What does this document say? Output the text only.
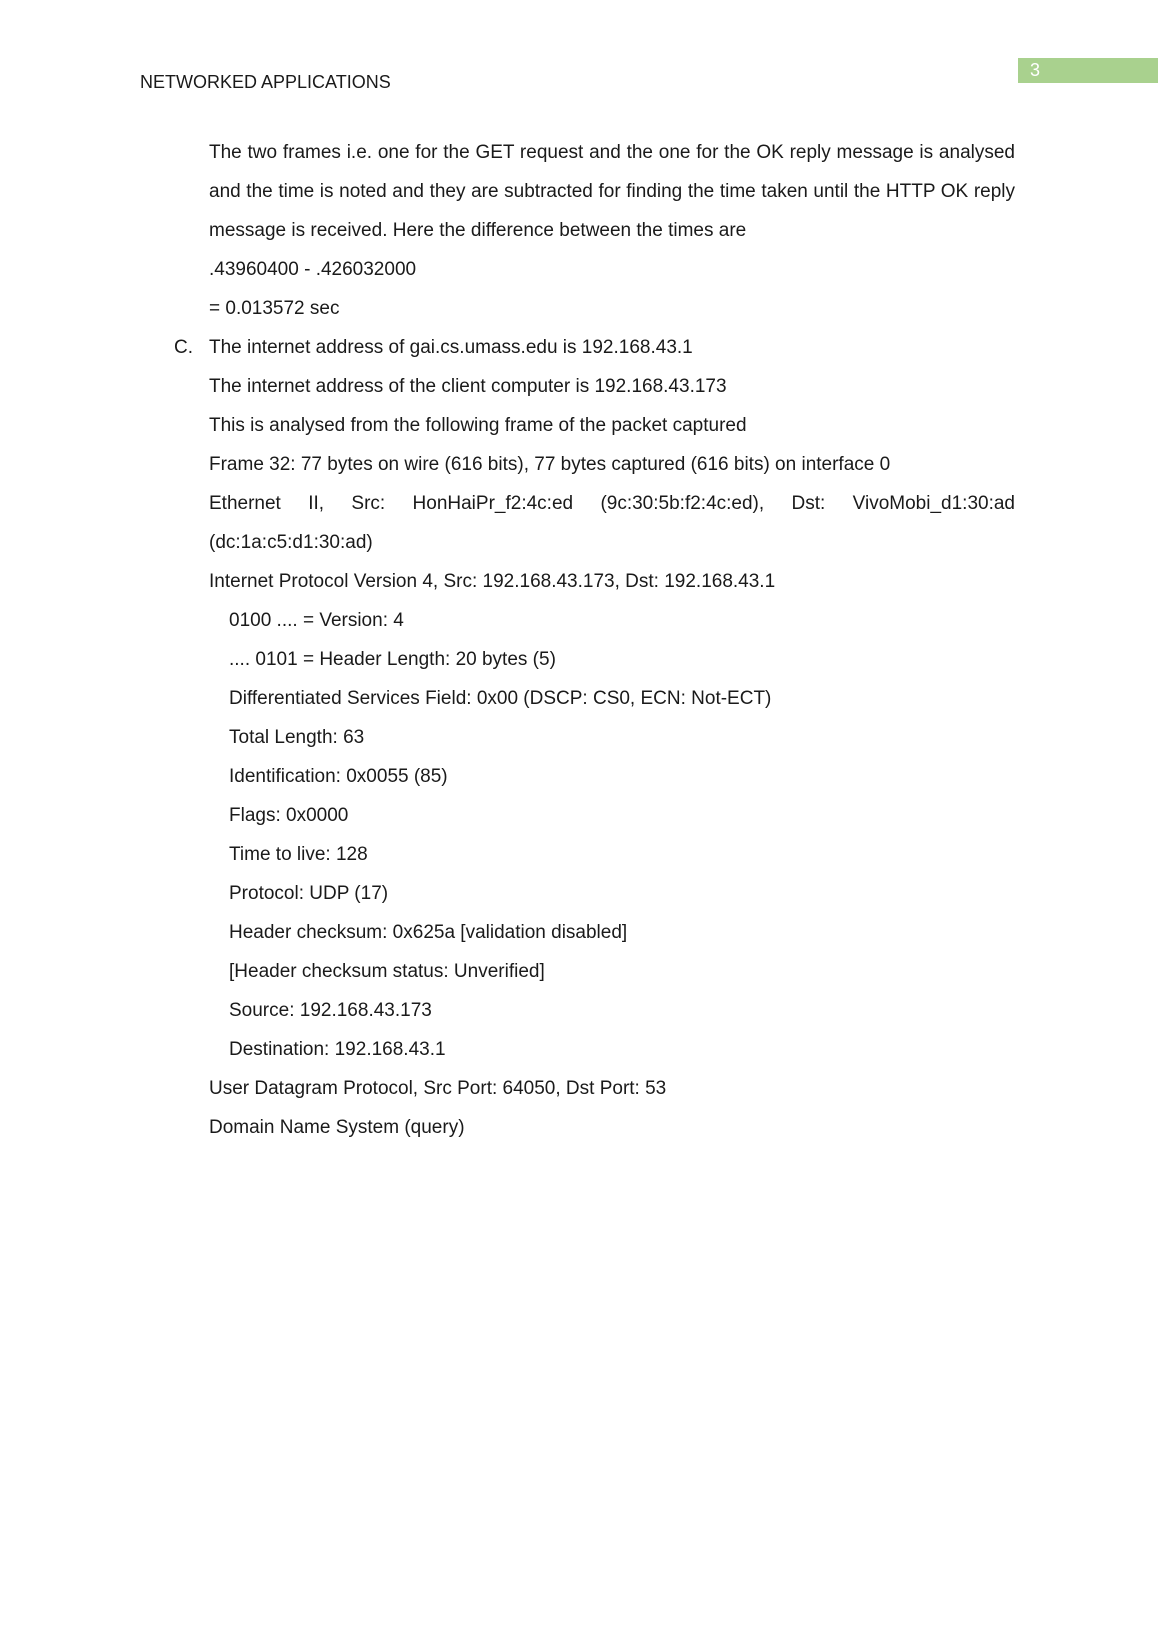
3
NETWORKED APPLICATIONS

The two frames i.e. one for the GET request and the one for the OK reply message is analysed and the time is noted and they are subtracted for finding the time taken until the HTTP OK reply message is received. Here the difference between the times are

.43960400 - .426032000

= 0.013572 sec

C. The internet address of gai.cs.umass.edu is 192.168.43.1

The internet address of the client computer is 192.168.43.173

This is analysed from the following frame of the packet captured

Frame 32: 77 bytes on wire (616 bits), 77 bytes captured (616 bits) on interface 0

Ethernet II, Src: HonHaiPr_f2:4c:ed (9c:30:5b:f2:4c:ed), Dst: VivoMobi_d1:30:ad (dc:1a:c5:d1:30:ad)

Internet Protocol Version 4, Src: 192.168.43.173, Dst: 192.168.43.1

0100 .... = Version: 4

.... 0101 = Header Length: 20 bytes (5)

Differentiated Services Field: 0x00 (DSCP: CS0, ECN: Not-ECT)

Total Length: 63

Identification: 0x0055 (85)

Flags: 0x0000

Time to live: 128

Protocol: UDP (17)

Header checksum: 0x625a [validation disabled]

[Header checksum status: Unverified]

Source: 192.168.43.173

Destination: 192.168.43.1

User Datagram Protocol, Src Port: 64050, Dst Port: 53

Domain Name System (query)
